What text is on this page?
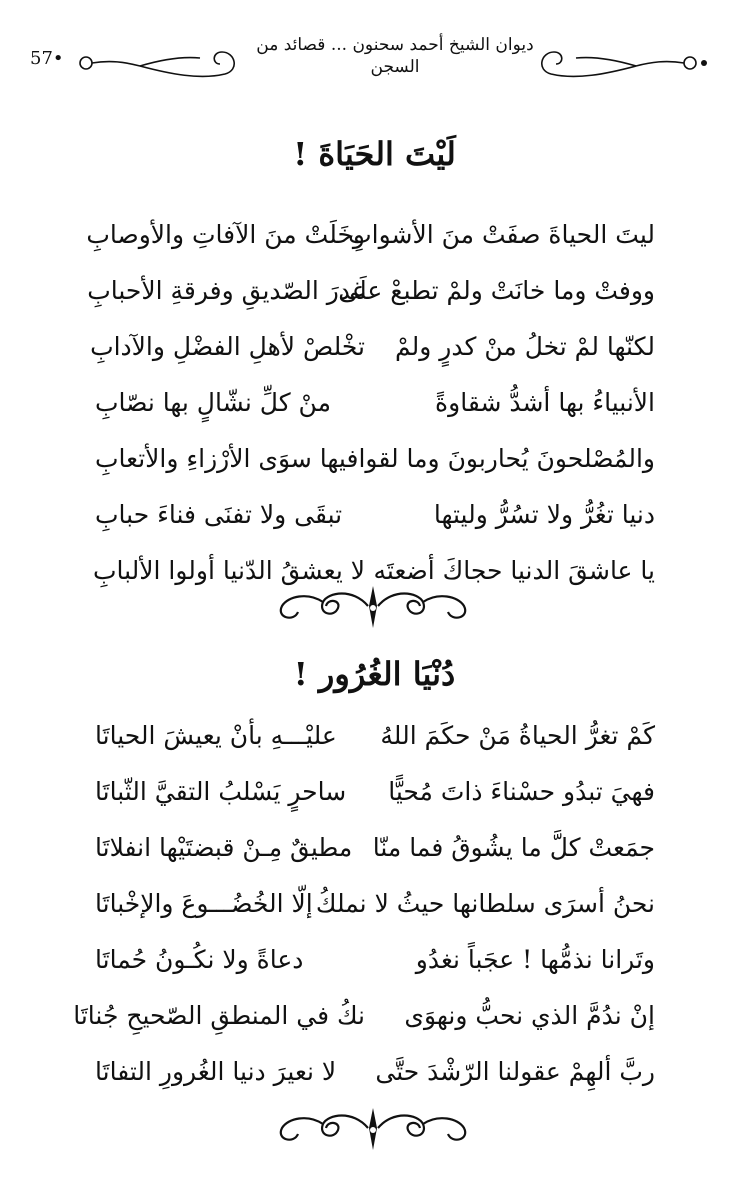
57•
ديوان الشيخ أحمد سحنون ... قصائد من السجن
لَيْتَ الحَيَاةَ !
ليتَ الحياةَ صفَتْ منَ الأشوابِ
وخَلَتْ منَ الآفاتِ والأوصابِ
ووفتْ وما خانَتْ ولمْ تطبعْ علَى
غدرَ الصّديقِ وفرقةِ الأحبابِ
لكنّها لمْ تخلُ منْ كدرٍ ولمْ
تخْلصْ لأهلِ الفضْلِ والآدابِ
الأنبياءُ بها أشدُّ شقاوةً
منْ كلِّ نشّالٍ بها نصّابِ
والمُصْلحونَ يُحاربونَ وما لقوا
فيها سوَى الأرْزاءِ والأتعابِ
دنيا تغُرُّ ولا تسُرُّ وليتها
تبقَى ولا تفنَى فناءَ حبابِ
يا عاشقَ الدنيا حجاكَ أضعتَه
لا يعشقُ الدّنيا أولوا الألبابِ
دُنْيَا الغُرُور !
كَمْ تغرُّ الحياةُ مَنْ حكَمَ اللهُ
عليْـــهِ بأنْ يعيشَ الحياتَا
فهيَ تبدُو حسْناءَ ذاتَ مُحيًّا
ساحرٍ يَسْلبُ التقيَّ الثّباتَا
جمَعتْ كلَّ ما يشُوقُ فما منّا
مطيقٌ مِـنْ قبضتَيْها انفلاتَا
نحنُ أسرَى سلطانها حيثُ لا نملكُ
إلّا الخُضُـــوعَ والإخْباتَا
وتَرانا نذمُّها ! عجَباً نغدُو
دعاةً ولا نكُـونُ حُماتَا
إنْ ندُمَّ الذي نحبُّ ونهوَى
نكُ في المنطقِ الصّحيحِ جُناتَا
ربَّ ألهِمْ عقولنا الرّشْدَ حتَّى
لا نعيرَ دنيا الغُرورِ التفاتَا
